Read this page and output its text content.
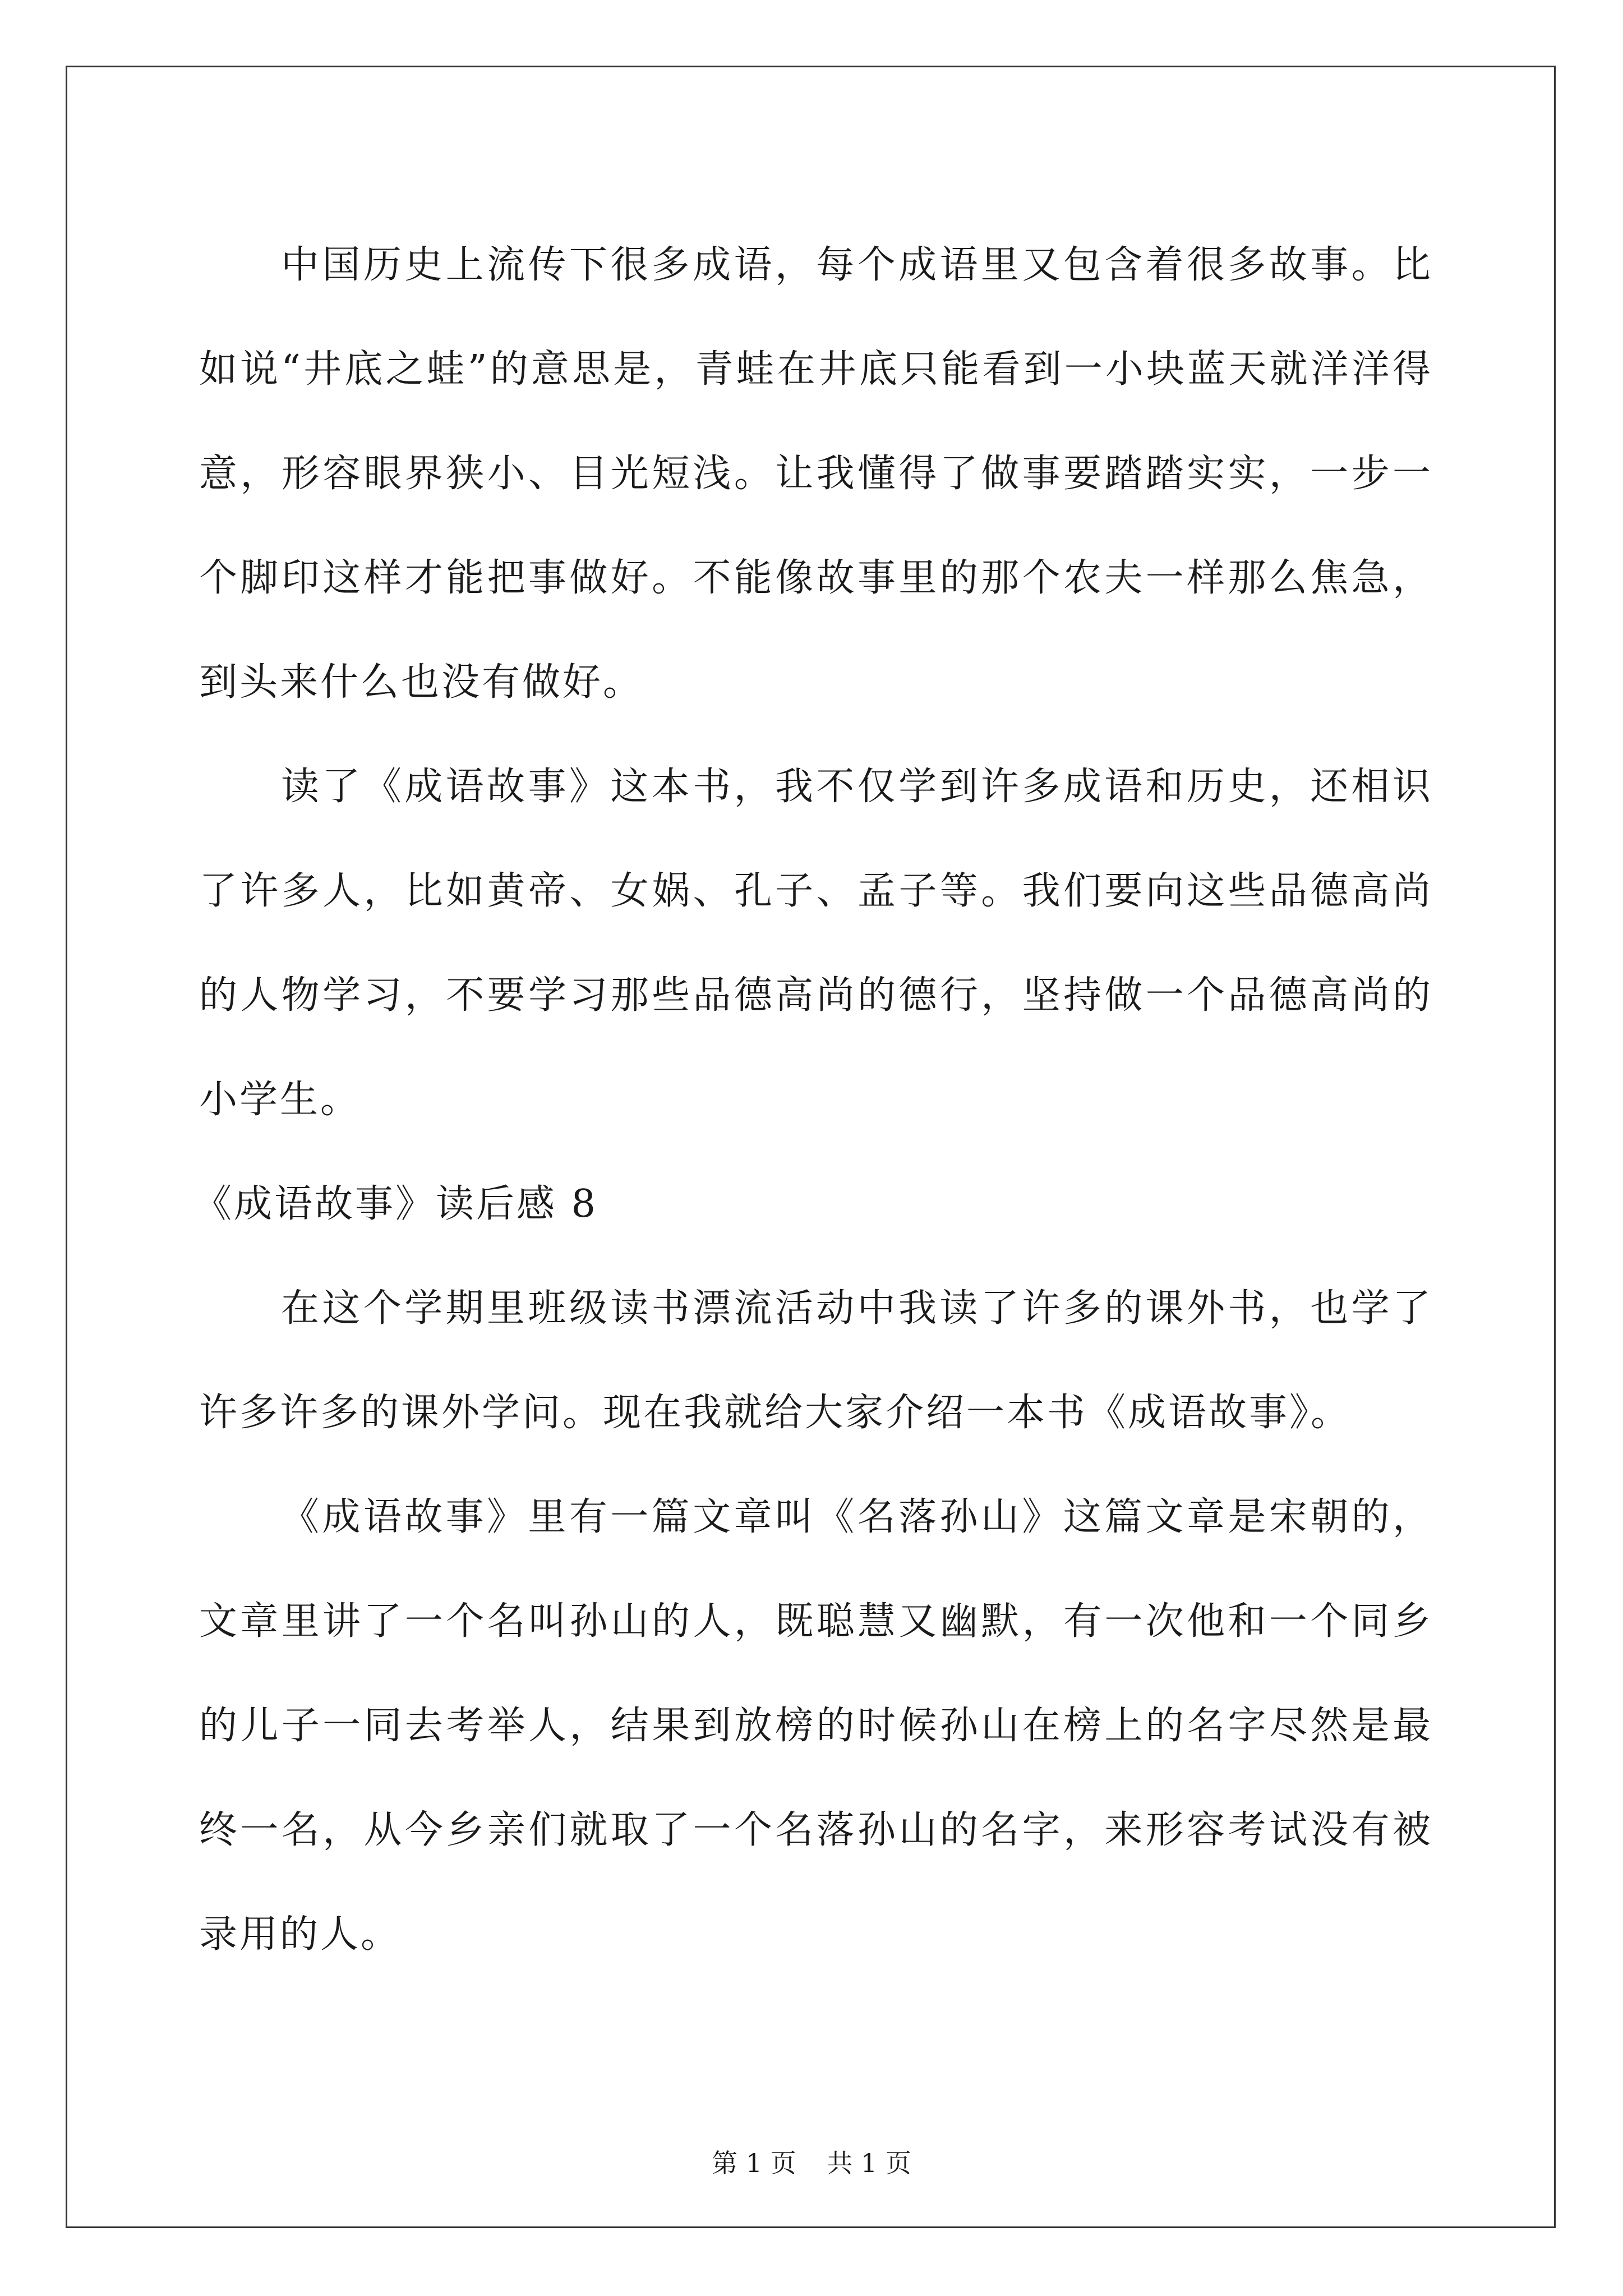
中国历史上流传下很多成语，每个成语里又包含着很多故事。比如说“井底之蛙”的意思是，青蛙在井底只能看到一小块蓝天就洋洋得意，形容眼界狭小、目光短浅。让我懂得了做事要踏踏实实，一步一个脚印这样才能把事做好。不能像故事里的那个农夫一样那么焦急，到头来什么也没有做好。

读了《成语故事》这本书，我不仅学到许多成语和历史，还相识了许多人，比如黄帝、女娲、孔子、孟子等。我们要向这些品德高尚的人物学习，不要学习那些品德高尚的德行，坚持做一个品德高尚的小学生。

《成语故事》读后感 8

在这个学期里班级读书漂流活动中我读了许多的课外书，也学了许多许多的课外学问。现在我就给大家介绍一本书《成语故事》。

《成语故事》里有一篇文章叫《名落孙山》这篇文章是宋朝的，文章里讲了一个名叫孙山的人，既聪慧又幽默，有一次他和一个同乡的儿子一同去考举人，结果到放榜的时候孙山在榜上的名字尽然是最终一名，从今乡亲们就取了一个名落孙山的名字，来形容考试没有被录用的人。

第 1 页 共 1 页
